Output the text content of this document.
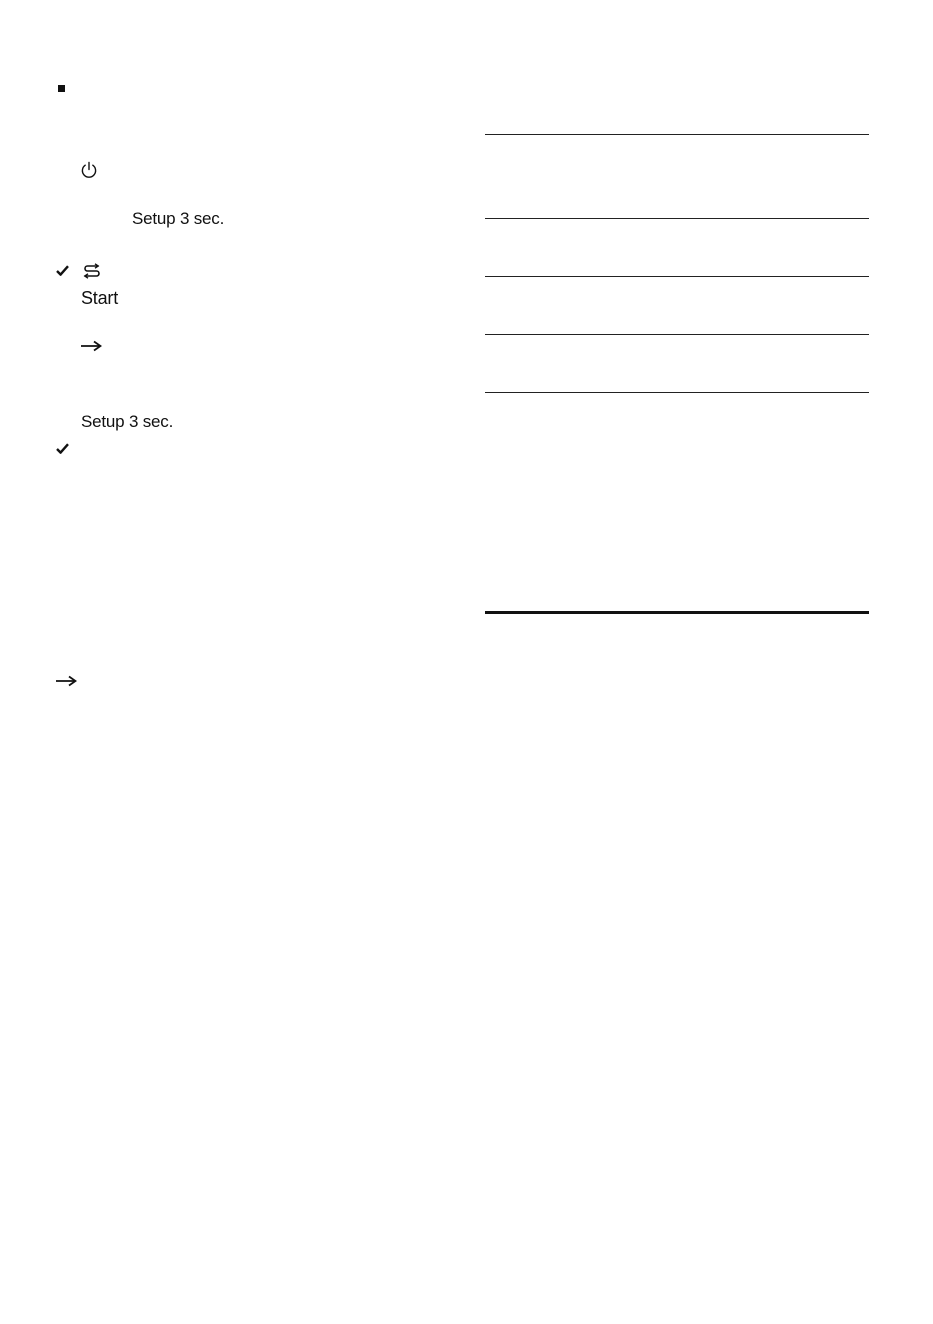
Setup 3 sec.
Start
Setup 3 sec.
